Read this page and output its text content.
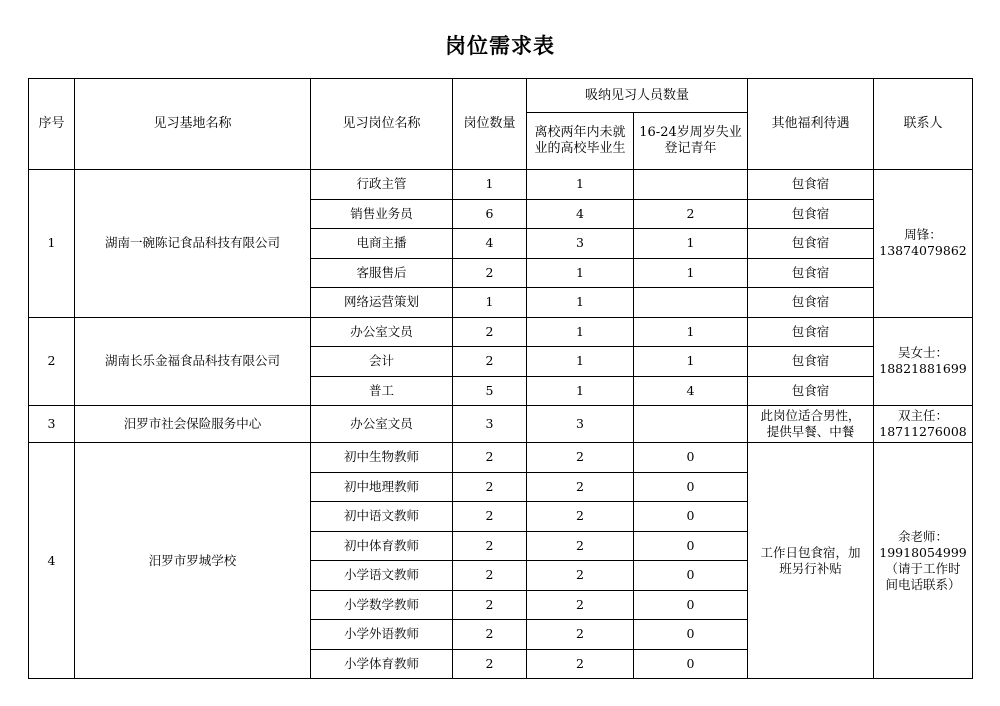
岗位需求表
序号	见习基地名称	见习岗位名称	岗位数量	吸纳见习人员数量		其他福利待遇	联系人
				离校两年内未就业的高校毕业生	16-24岁周岁失业登记青年		
1	湖南一碗陈记食品科技有限公司	行政主管	1	1		包食宿	周锋：
13874079862

		销售业务员	6	4	2	包食宿	
		电商主播	4	3	1	包食宿	
		客服售后	2	1	1	包食宿	
		网络运营策划	1	1		包食宿	
2	湖南长乐金福食品科技有限公司	办公室文员	2	1	1	包食宿	吴女士：
18821881699

		会计	2	1	1	包食宿	
		普工	5	1	4	包食宿	
3	汨罗市社会保险服务中心	办公室文员	3	3		此岗位适合男性，
提供早餐、中餐	双主任：
18711276008

4	汨罗市罗城学校	初中生物教师	2	2	0	工作日包食宿，加
班另行补贴	余老师：
19918054999
（请于工作时
间电话联系）

		初中地理教师	2	2	0		
		初中语文教师	2	2	0		
		初中体育教师	2	2	0		
		小学语文教师	2	2	0		
		小学数学教师	2	2	0		
		小学外语教师	2	2	0		
		小学体育教师	2	2	0		
